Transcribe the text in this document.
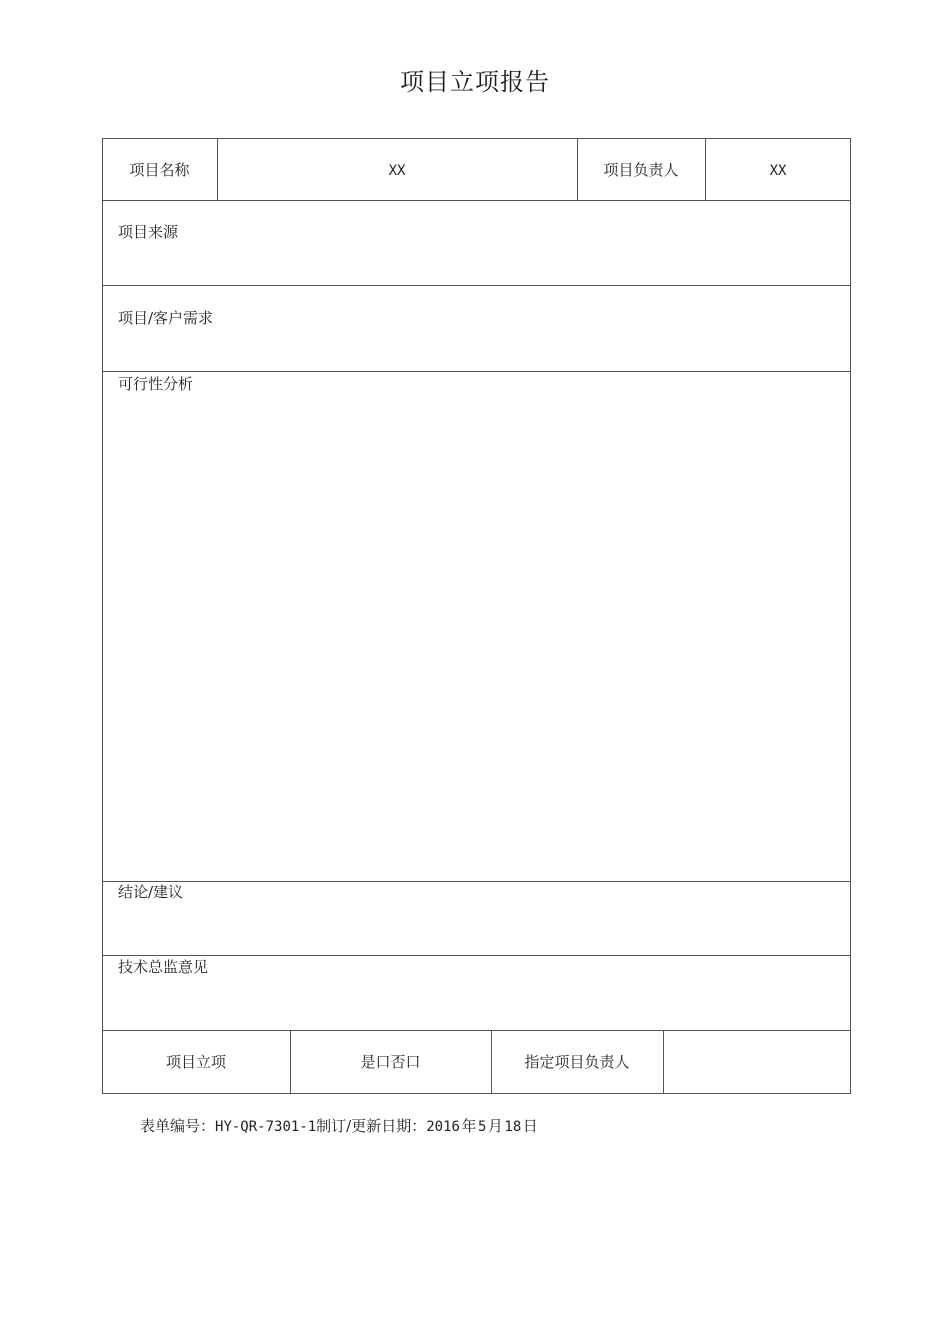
项目立项报告
项目名称	XX	项目负责人	XX
项目来源
项目/客户需求
可行性分析
结论/建议
技术总监意见
项目立项	是口否口	指定项目负责人
表单编号：HY-QR-7301-1制订/更新日期：2016  年  5  月  18  日
